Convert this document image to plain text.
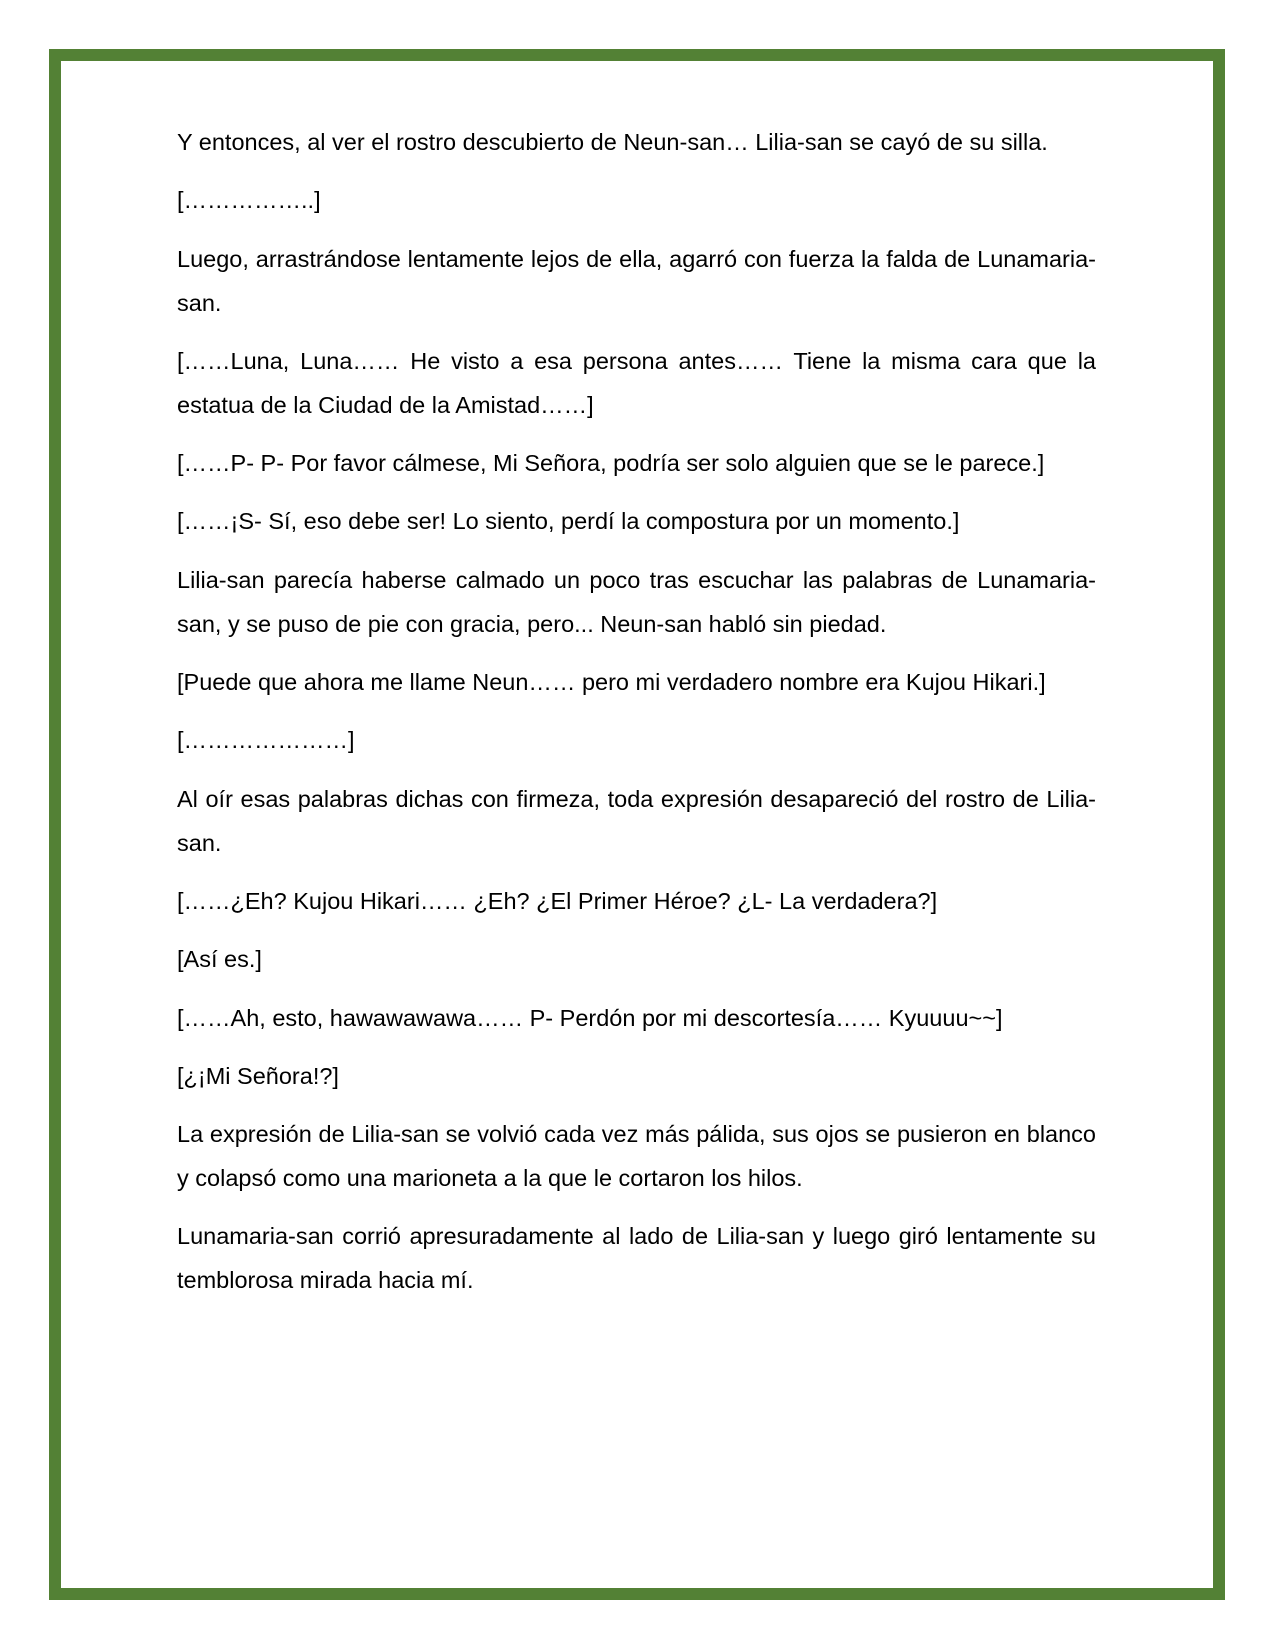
Y entonces, al ver el rostro descubierto de Neun-san… Lilia-san se cayó de su silla.

[……………..]

Luego, arrastrándose lentamente lejos de ella, agarró con fuerza la falda de Lunamaria-san.

[……Luna, Luna…… He visto a esa persona antes…… Tiene la misma cara que la estatua de la Ciudad de la Amistad……]

[……P- P- Por favor cálmese, Mi Señora, podría ser solo alguien que se le parece.]

[……¡S- Sí, eso debe ser! Lo siento, perdí la compostura por un momento.]

Lilia-san parecía haberse calmado un poco tras escuchar las palabras de Lunamaria-san, y se puso de pie con gracia, pero... Neun-san habló sin piedad.

[Puede que ahora me llame Neun…… pero mi verdadero nombre era Kujou Hikari.]

[…………………]

Al oír esas palabras dichas con firmeza, toda expresión desapareció del rostro de Lilia-san.

[……¿Eh? Kujou Hikari…… ¿Eh? ¿El Primer Héroe? ¿L- La verdadera?]

[Así es.]

[……Ah, esto, hawawawawa…… P- Perdón por mi descortesía…… Kyuuuu~~]

[¿¡Mi Señora!?]

La expresión de Lilia-san se volvió cada vez más pálida, sus ojos se pusieron en blanco y colapsó como una marioneta a la que le cortaron los hilos.

Lunamaria-san corrió apresuradamente al lado de Lilia-san y luego giró lentamente su temblorosa mirada hacia mí.
